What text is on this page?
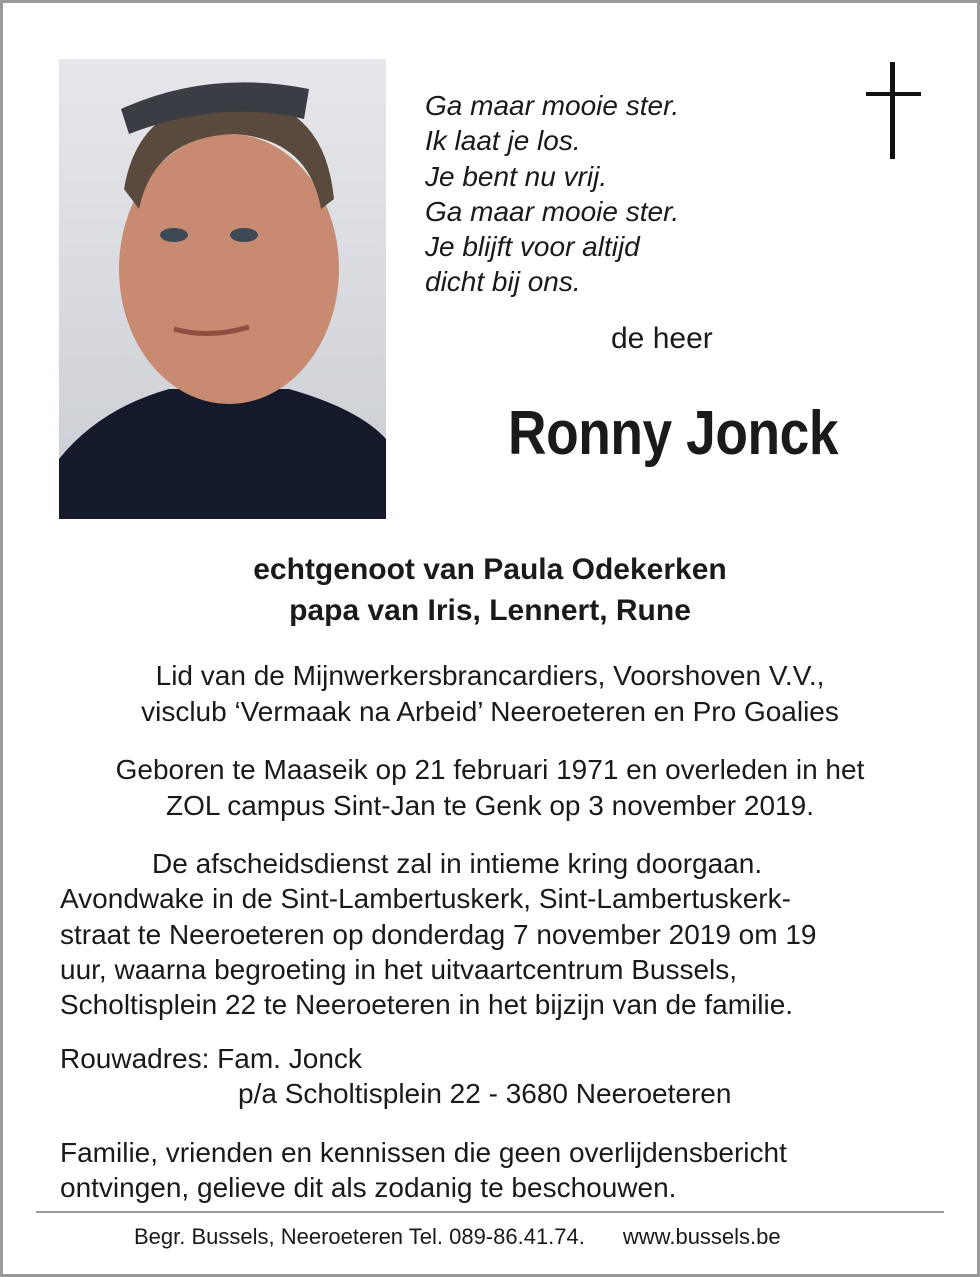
Ga maar mooie ster.
Ik laat je los.
Je bent nu vrij.
Ga maar mooie ster.
Je blijft voor altijd
dicht bij ons.
de heer
Ronny Jonck
echtgenoot van Paula Odekerken
papa van Iris, Lennert, Rune
Lid van de Mijnwerkersbrancardiers, Voorshoven V.V.,
visclub ‘Vermaak na Arbeid’ Neeroeteren en Pro Goalies
Geboren te Maaseik op 21 februari 1971 en overleden in het
ZOL campus Sint-Jan te Genk op 3 november 2019.
De afscheidsdienst zal in intieme kring doorgaan.
Avondwake in de Sint-Lambertuskerk, Sint-Lambertuskerk-
straat te Neeroeteren op donderdag 7 november 2019 om 19
uur, waarna begroeting in het uitvaartcentrum Bussels,
Scholtisplein 22 te Neeroeteren in het bijzijn van de familie.
Rouwadres: Fam. Jonck
p/a Scholtisplein 22 - 3680 Neeroeteren
Familie, vrienden en kennissen die geen overlijdensbericht
ontvingen, gelieve dit als zodanig te beschouwen.
Begr. Bussels, Neeroeteren Tel. 089-86.41.74. www.bussels.be
